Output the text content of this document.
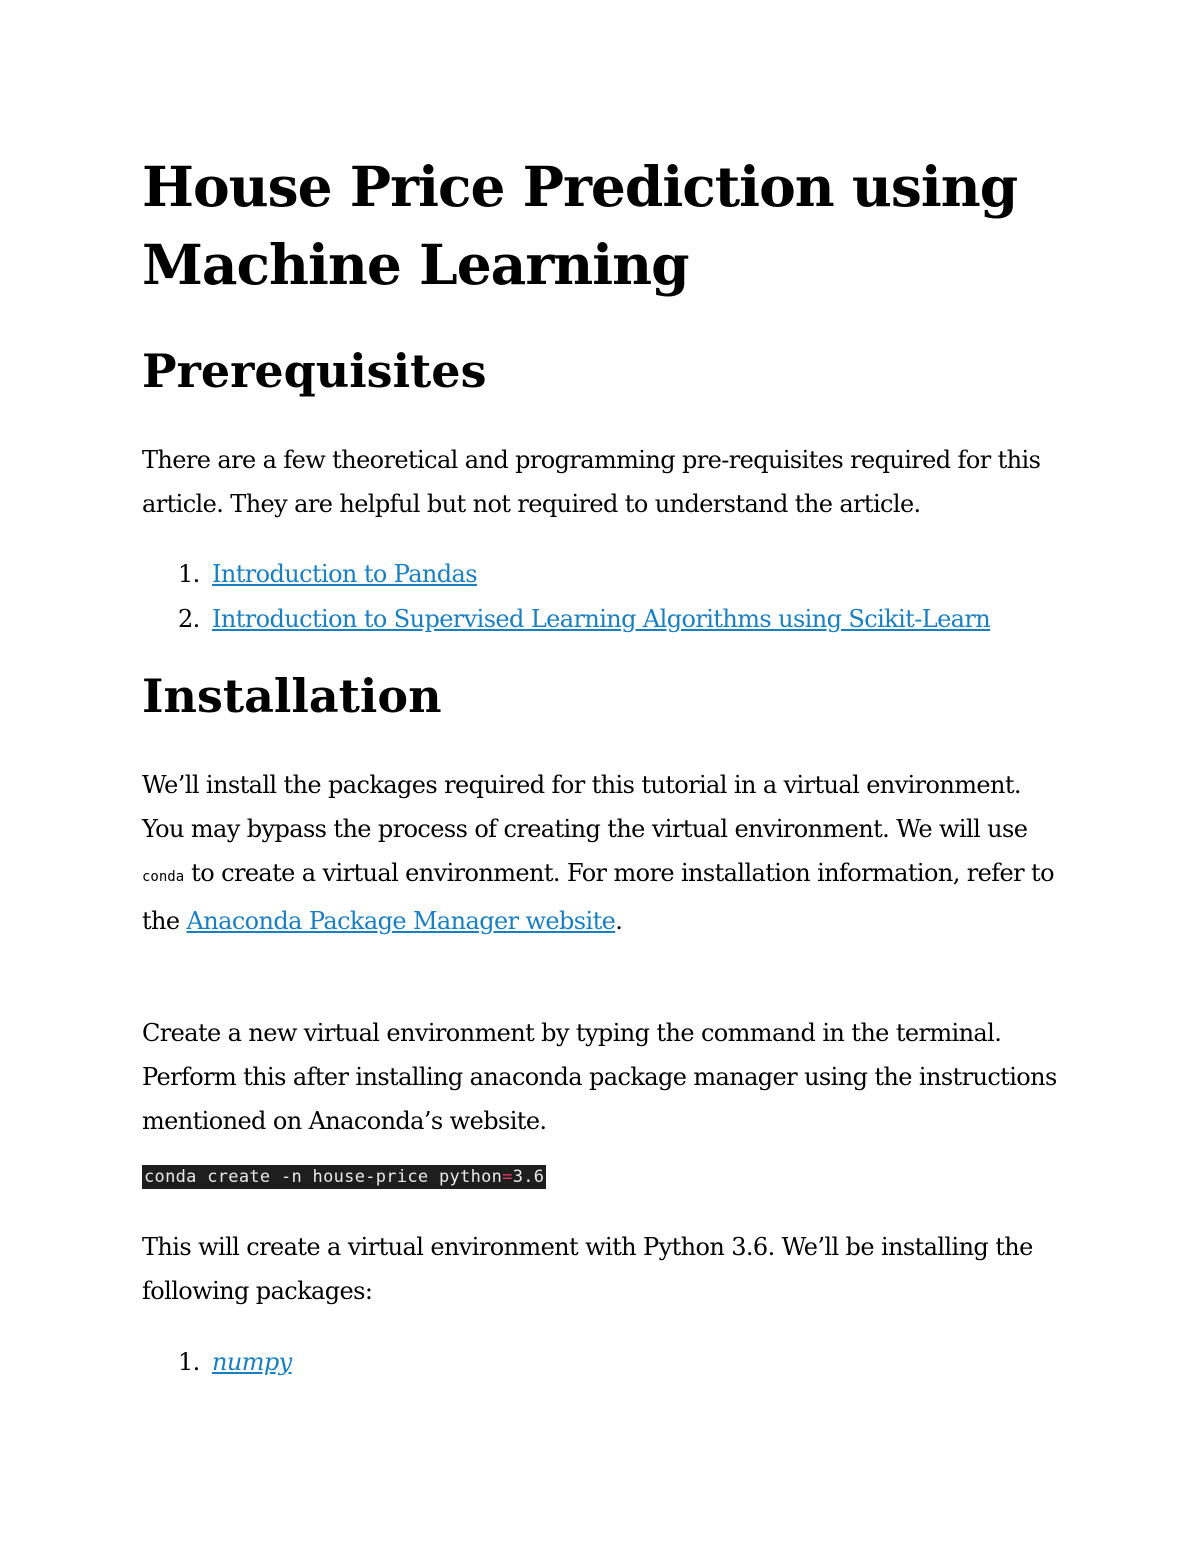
House Price Prediction using Machine Learning
Prerequisites

There are a few theoretical and programming pre-requisites required for this article. They are helpful but not required to understand the article.

1. Introduction to Pandas
2. Introduction to Supervised Learning Algorithms using Scikit-Learn
Installation

We’ll install the packages required for this tutorial in a virtual environment. You may bypass the process of creating the virtual environment. We will use conda to create a virtual environment. For more installation information, refer to the Anaconda Package Manager website.

Create a new virtual environment by typing the command in the terminal. Perform this after installing anaconda package manager using the instructions mentioned on Anaconda’s website.

conda create -n house-price python=3.6

This will create a virtual environment with Python 3.6. We’ll be installing the following packages:

1. numpy
